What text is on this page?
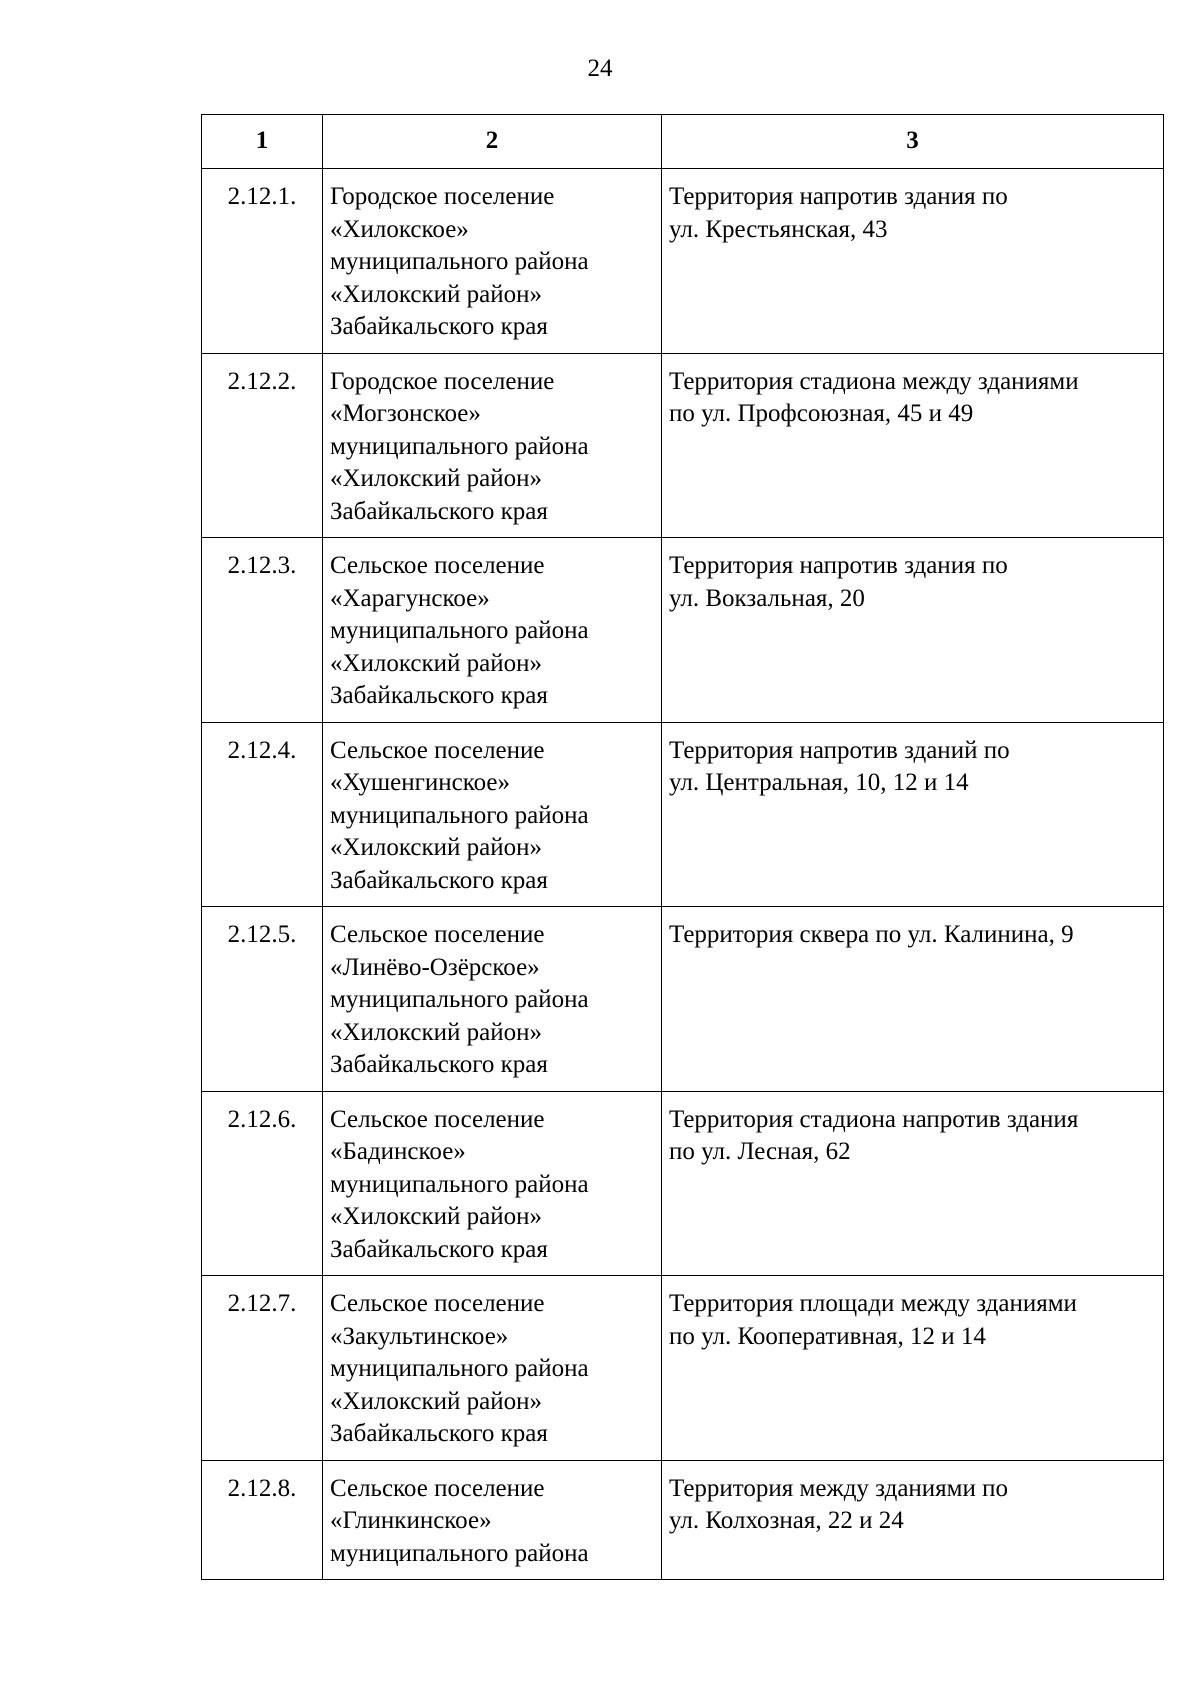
24
1	2	3
2.12.1.	Городское поселение
«Хилокское»
муниципального района
«Хилокский район»
Забайкальского края	Территория напротив здания по
ул. Крестьянская, 43

2.12.2.	Городское поселение
«Могзонское»
муниципального района
«Хилокский район»
Забайкальского края	Территория стадиона между зданиями
по ул. Профсоюзная, 45 и 49

2.12.3.	Сельское поселение
«Харагунское»
муниципального района
«Хилокский район»
Забайкальского края	Территория напротив здания по
ул. Вокзальная, 20

2.12.4.	Сельское поселение
«Хушенгинское»
муниципального района
«Хилокский район»
Забайкальского края	Территория напротив зданий по
ул. Центральная, 10, 12 и 14

2.12.5.	Сельское поселение
«Линёво-Озёрское»
муниципального района
«Хилокский район»
Забайкальского края	Территория сквера по ул. Калинина, 9

2.12.6.	Сельское поселение
«Бадинское»
муниципального района
«Хилокский район»
Забайкальского края	Территория стадиона напротив здания
по ул. Лесная, 62

2.12.7.	Сельское поселение
«Закультинское»
муниципального района
«Хилокский район»
Забайкальского края	Территория площади между зданиями
по ул. Кооперативная, 12 и 14

2.12.8.	Сельское поселение
«Глинкинское»
муниципального района	Территория между зданиями по
ул. Колхозная, 22 и 24
